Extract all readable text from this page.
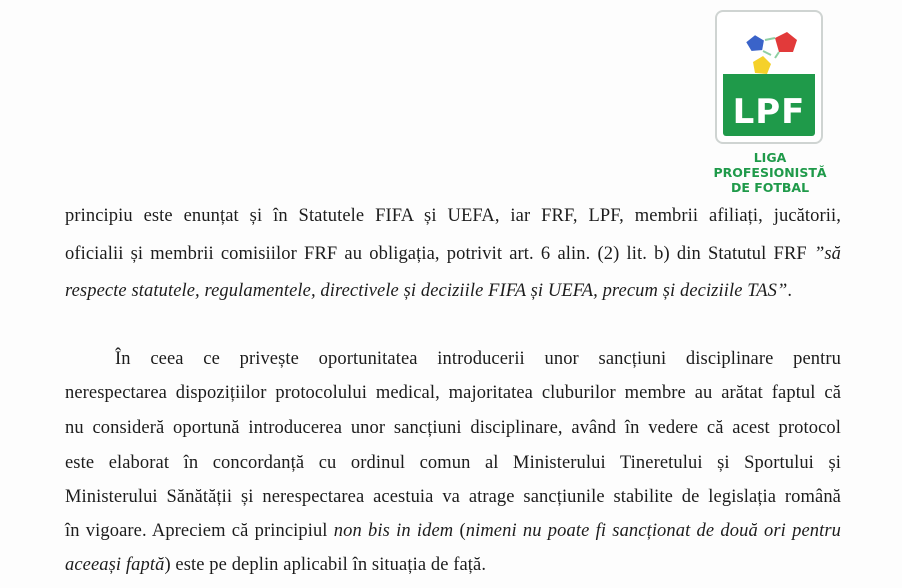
LPF
LIGA
PROFESIONISTĂ
DE FOTBAL
principiu este enunțat și în Statutele FIFA și UEFA, iar FRF, LPF, membrii afiliați, jucătorii,
oficialii și membrii comisiilor FRF au obligația, potrivit art. 6 alin. (2) lit. b) din Statutul FRF ”să
respecte statutele, regulamentele, directivele și deciziile FIFA și UEFA, precum și deciziile TAS”.
În ceea ce privește oportunitatea introducerii unor sancțiuni disciplinare pentru
nerespectarea dispozițiilor protocolului medical, majoritatea cluburilor membre au arătat faptul că
nu consideră oportună introducerea unor sancțiuni disciplinare, având în vedere că acest protocol
este elaborat în concordanță cu ordinul comun al Ministerului Tineretului și Sportului și
Ministerului Sănătății și nerespectarea acestuia va atrage sancțiunile stabilite de legislația română
în vigoare. Apreciem că principiul non bis in idem (nimeni nu poate fi sancționat de două ori pentru
aceeași faptă) este pe deplin aplicabil în situația de față.
